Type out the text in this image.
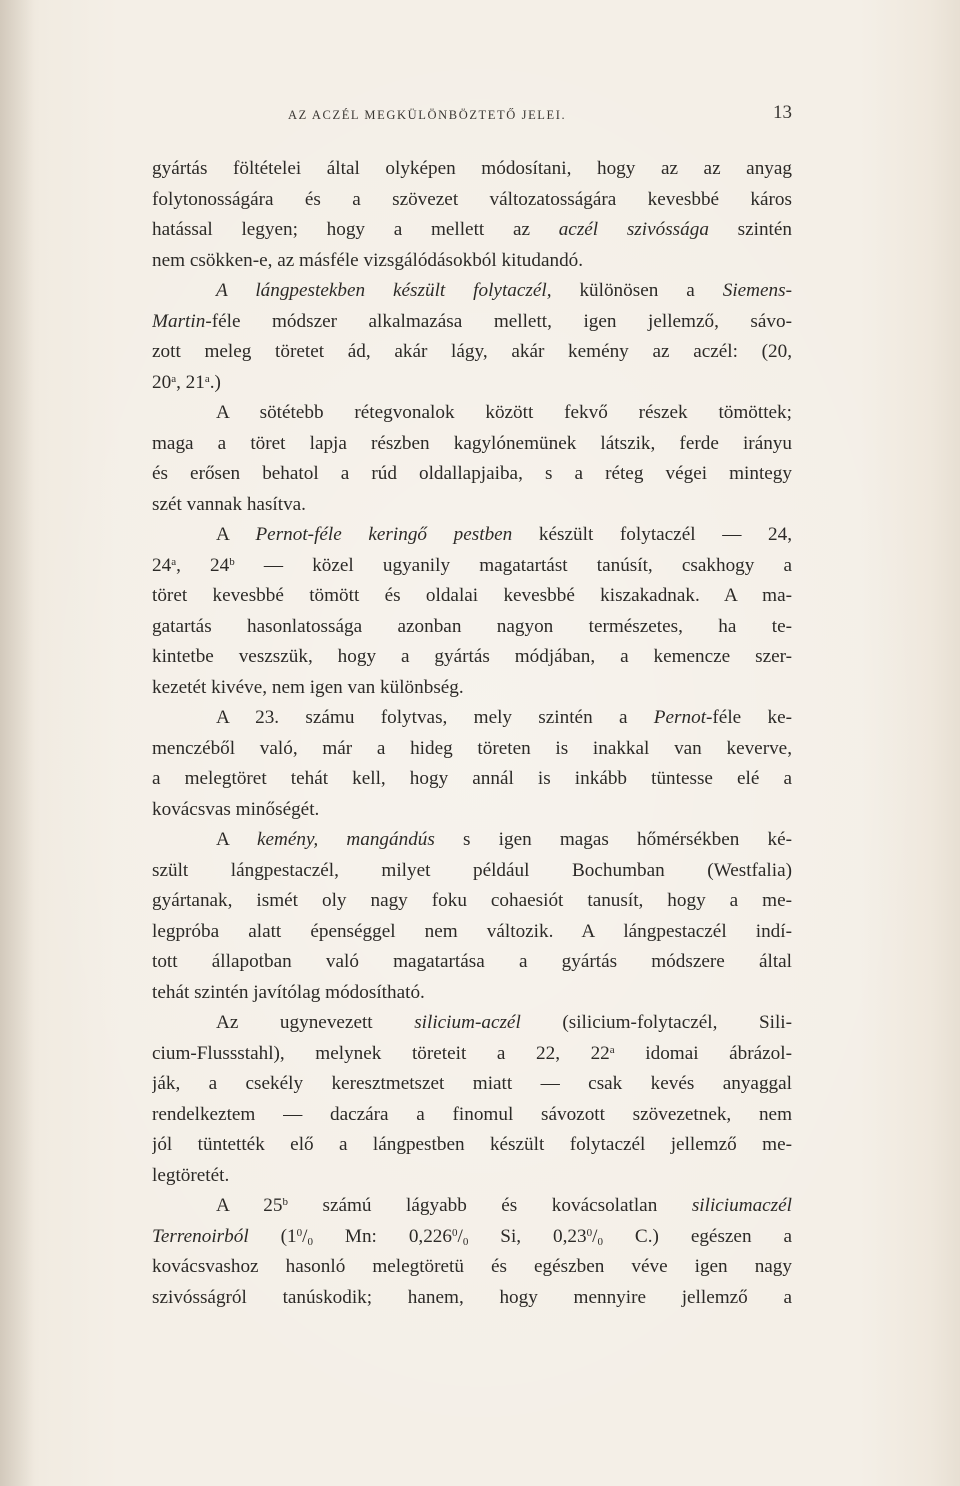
AZ ACZÉL MEGKÜLÖNBÖZTETŐ JELEI.	13
gyártás föltételei által olyképen módosítani, hogy az az anyag
folytonosságára és a szövezet változatosságára kevesbbé káros
hatással legyen; hogy a mellett az aczél szivóssága szintén
nem csökken-e, az másféle vizsgálódásokból kitudandó.
A lángpestekben készült folytaczél, különösen a Siemens-
Martin-féle módszer alkalmazása mellett, igen jellemző, sávo-
zott meleg töretet ád, akár lágy, akár kemény az aczél: (20,
20$^a$, 21$^a$.)
A sötétebb rétegvonalok között fekvő részek tömöttek;
maga a töret lapja részben kagylónemünek látszik, ferde irányu
és erősen behatol a rúd oldallapjaiba, s a réteg végei mintegy
szét vannak hasítva.
A Pernot-féle keringő pestben készült folytaczél — 24,
24$^a$, 24$^b$ — közel ugyanily magatartást tanúsít, csakhogy a
töret kevesbbé tömött és oldalai kevesbbé kiszakadnak. A ma-
gatartás hasonlatossága azonban nagyon természetes, ha te-
kintetbe veszszük, hogy a gyártás módjában, a kemencze szer-
kezetét kivéve, nem igen van különbség.
A 23. számu folytvas, mely szintén a Pernot-féle ke-
menczéből való, már a hideg töreten is inakkal van keverve,
a melegtöret tehát kell, hogy annál is inkább tüntesse elé a
kovácsvas minőségét.
A kemény, mangándús s igen magas hőmérsékben ké-
szült lángpestaczél, milyet például Bochumban (Westfalia)
gyártanak, ismét oly nagy foku cohaesiót tanusít, hogy a me-
legpróba alatt épenséggel nem változik. A lángpestaczél indí-
tott állapotban való magatartása a gyártás módszere által
tehát szintén javítólag módosítható.
Az ugynevezett silicium-aczél (silicium-folytaczél, Sili-
cium-Flussstahl), melynek töreteit a 22, 22$^a$ idomai ábrázol-
ják, a csekély keresztmetszet miatt — csak kevés anyaggal
rendelkeztem — daczára a finomul sávozott szövezetnek, nem
jól tüntették elő a lángpestben készült folytaczél jellemző me-
legtöretét.
A 25$^b$ számú lágyabb és kovácsolatlan siliciumaczél
Terrenoirból ($1^0/_0$ Mn: $0,226^0/_0$ Si, $0,23^0/_0$ C.) egészen a
kovácsvashoz hasonló melegtöretü és egészben véve igen nagy
szivósságról tanúskodik; hanem, hogy mennyire jellemző a
